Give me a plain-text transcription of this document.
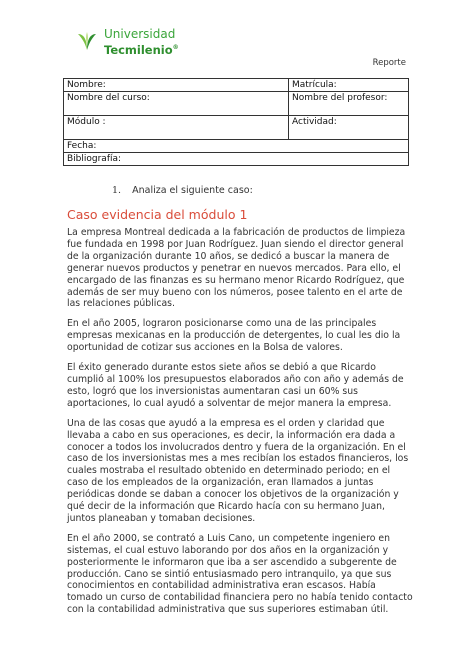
Universidad
Tecmilenio®
Reporte
Nombre:	Matrícula:
Nombre del curso:	Nombre del profesor:
Módulo :	Actividad:
Fecha:	
Bibliografía:	
1. Analiza el siguiente caso:
Caso evidencia del módulo 1

La empresa Montreal dedicada a la fabricación de productos de limpieza fue fundada en 1998 por Juan Rodríguez. Juan siendo el director general de la organización durante 10 años, se dedicó a buscar la manera de generar nuevos productos y penetrar en nuevos mercados. Para ello, el encargado de las finanzas es su hermano menor Ricardo Rodríguez, que además de ser muy bueno con los números, posee talento en el arte de las relaciones públicas.

En el año 2005, lograron posicionarse como una de las principales empresas mexicanas en la producción de detergentes, lo cual les dio la oportunidad de cotizar sus acciones en la Bolsa de valores.

El éxito generado durante estos siete años se debió a que Ricardo cumplió al 100% los presupuestos elaborados año con año y además de esto, logró que los inversionistas aumentaran casi un 60% sus aportaciones, lo cual ayudó a solventar de mejor manera la empresa.

Una de las cosas que ayudó a la empresa es el orden y claridad que llevaba a cabo en sus operaciones, es decir, la información era dada a conocer a todos los involucrados dentro y fuera de la organización. En el caso de los inversionistas mes a mes recibían los estados financieros, los cuales mostraba el resultado obtenido en determinado periodo; en el caso de los empleados de la organización, eran llamados a juntas periódicas donde se daban a conocer los objetivos de la organización y qué decir de la información que Ricardo hacía con su hermano Juan, juntos planeaban y tomaban decisiones.

En el año 2000, se contrató a Luis Cano, un competente ingeniero en sistemas, el cual estuvo laborando por dos años en la organización y posteriormente le informaron que iba a ser ascendido a subgerente de producción. Cano se sintió entusiasmado pero intranquilo, ya que sus conocimientos en contabilidad administrativa eran escasos. Había tomado un curso de contabilidad financiera pero no había tenido contacto con la contabilidad administrativa que sus superiores estimaban útil.
